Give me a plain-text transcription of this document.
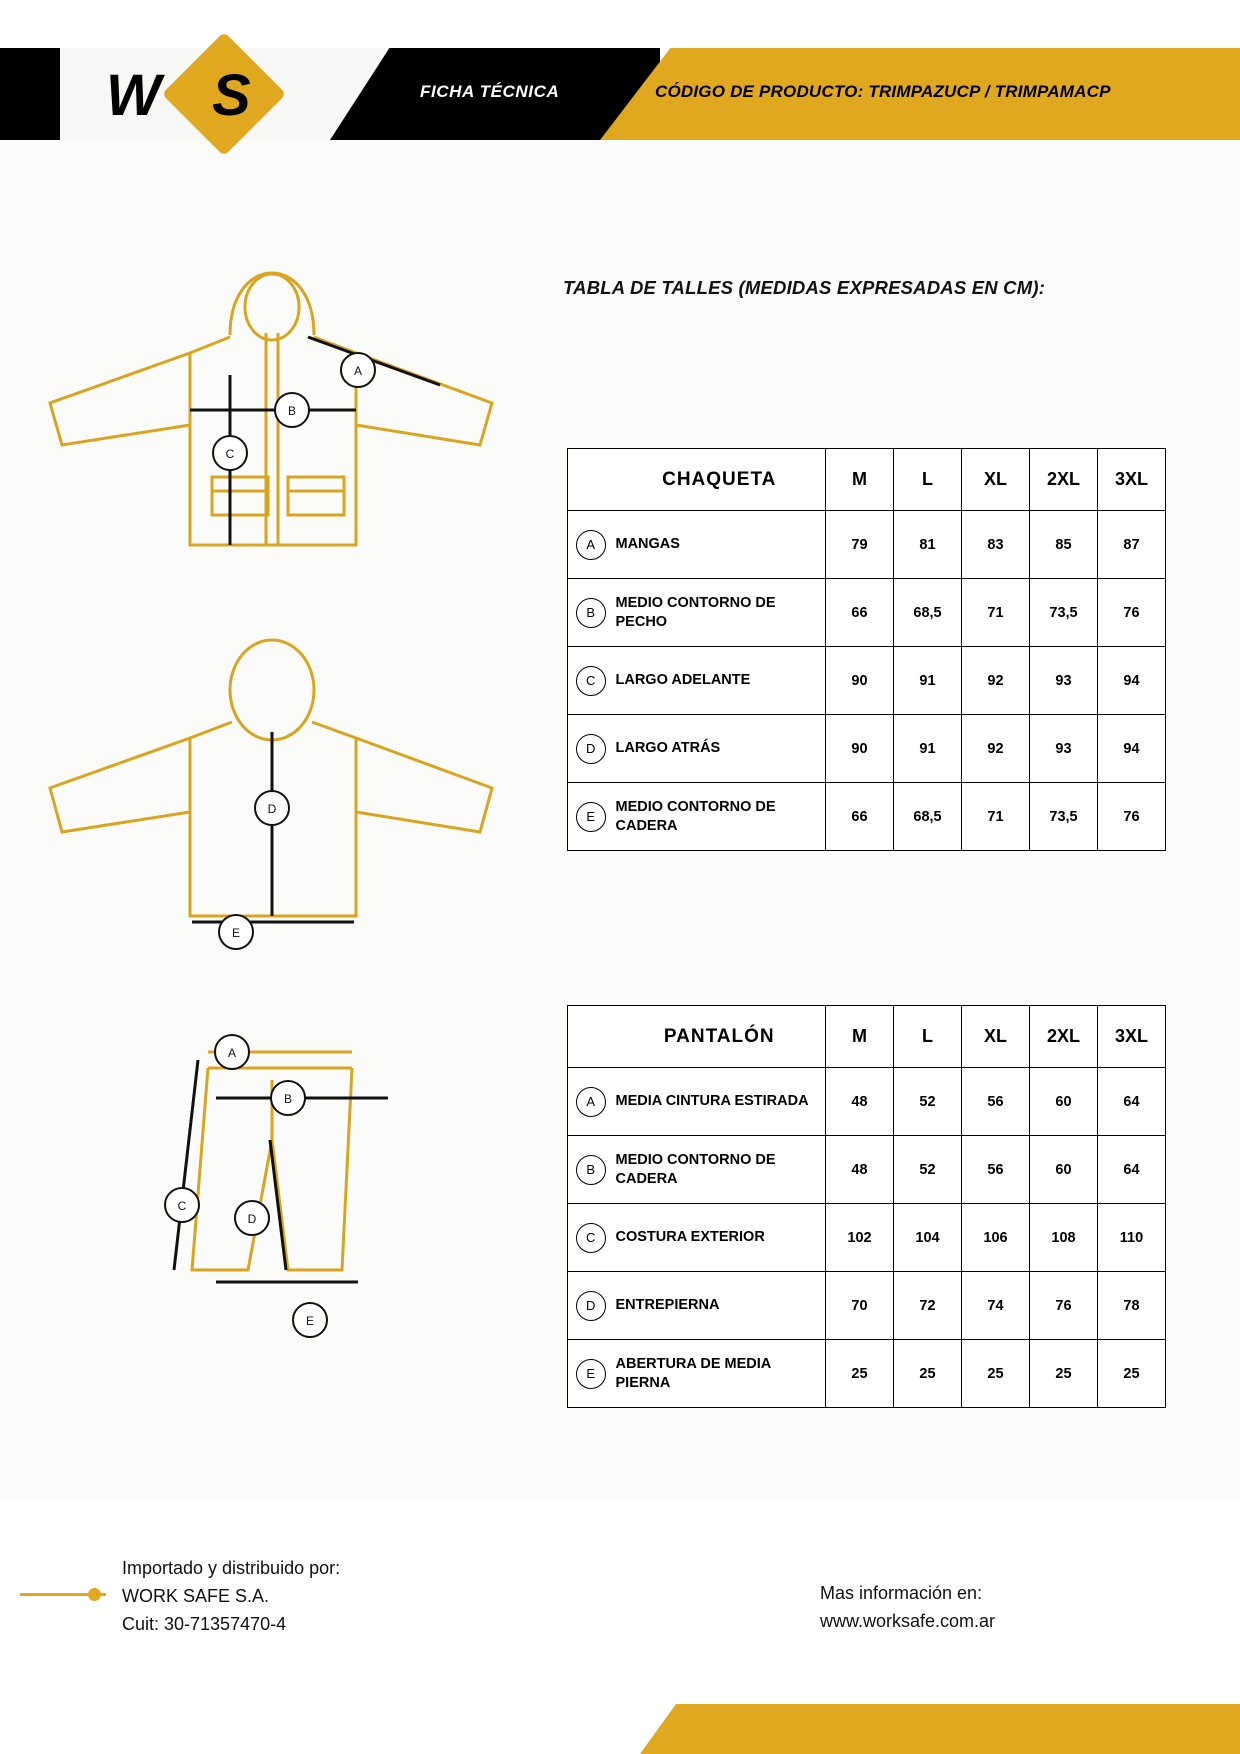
W S	FICHA TÉCNICA	CÓDIGO DE PRODUCTO: TRIMPAZUCP / TRIMPAMACP
TABLA DE TALLES (MEDIDAS EXPRESADAS EN CM):
A
B
C
D
E
A
B
C
D
E
	CHAQUETA	M	L	XL	2XL	3XL
A	MANGAS	79	81	83	85	87
B	MEDIO CONTORNO DE PECHO	66	68,5	71	73,5	76
C	LARGO ADELANTE	90	91	92	93	94
D	LARGO ATRÁS	90	91	92	93	94
E	MEDIO CONTORNO DE CADERA	66	68,5	71	73,5	76
	PANTALÓN	M	L	XL	2XL	3XL
A	MEDIA CINTURA ESTIRADA	48	52	56	60	64
B	MEDIO CONTORNO DE CADERA	48	52	56	60	64
C	COSTURA EXTERIOR	102	104	106	108	110
D	ENTREPIERNA	70	72	74	76	78
E	ABERTURA DE MEDIA PIERNA	25	25	25	25	25
Importado y distribuido por:
WORK SAFE S.A.
Cuit: 30-71357470-4
Mas información en:
www.worksafe.com.ar
